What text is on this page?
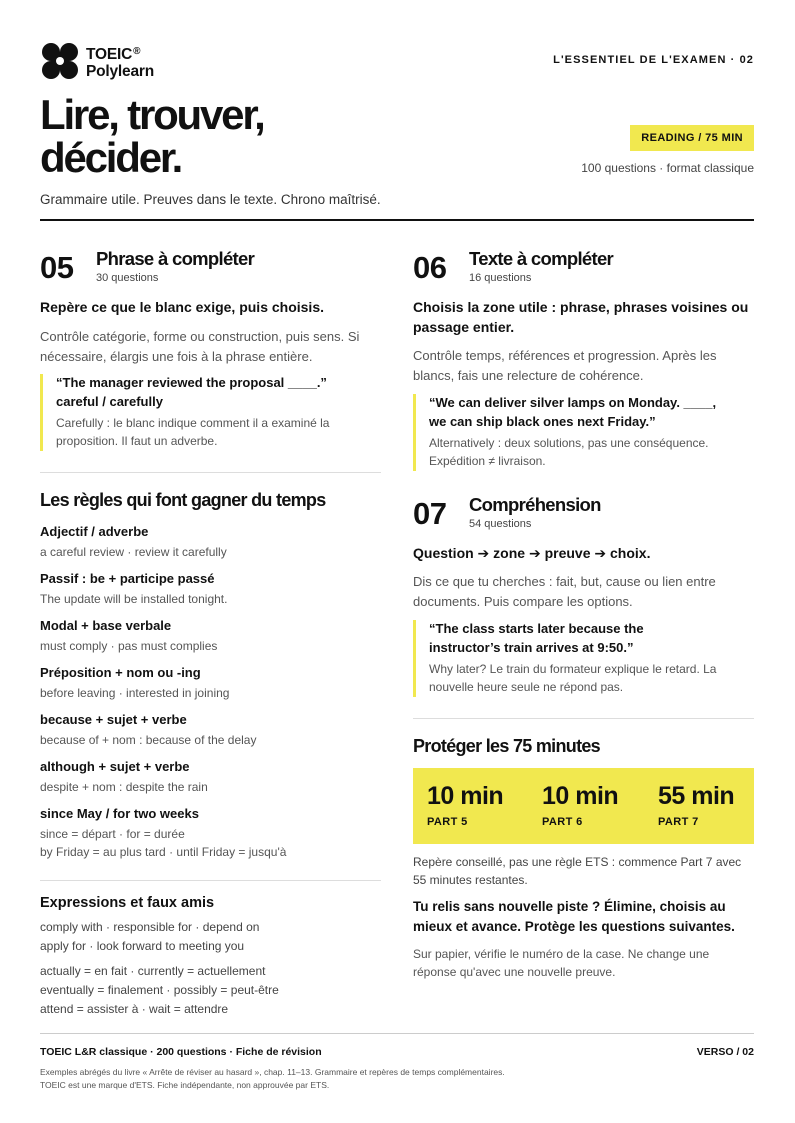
TOEIC®
Polylearn
L'ESSENTIEL DE L'EXAMEN · 02
Lire, trouver,
décider.	READING / 75 MIN
100 questions · format classique
Grammaire utile. Preuves dans le texte. Chrono maîtrisé.
05 Phrase à compléter
30 questions
Repère ce que le blanc exige, puis choisis.
Contrôle catégorie, forme ou construction, puis sens. Si nécessaire, élargis une fois à la phrase entière.
“The manager reviewed the proposal ____.” careful / carefully
Carefully : le blanc indique comment il a examiné la proposition. Il faut un adverbe.
Les règles qui font gagner du temps
Adjectif / adverbe
a careful review · review it carefully
Passif : be + participe passé
The update will be installed tonight.
Modal + base verbale
must comply · pas must complies
Préposition + nom ou -ing
before leaving · interested in joining
because + sujet + verbe
because of + nom : because of the delay
although + sujet + verbe
despite + nom : despite the rain
since May / for two weeks
since = départ · for = durée
by Friday = au plus tard · until Friday = jusqu'à
Expressions et faux amis
comply with · responsible for · depend on
apply for · look forward to meeting you
actually = en fait · currently = actuellement
eventually = finalement · possibly = peut-être
attend = assister à · wait = attendre
06 Texte à compléter
16 questions
Choisis la zone utile : phrase, phrases voisines ou passage entier.
Contrôle temps, références et progression. Après les blancs, fais une relecture de cohérence.
“We can deliver silver lamps on Monday. ____, we can ship black ones next Friday.”
Alternatively : deux solutions, pas une conséquence. Expédition ≠ livraison.
07 Compréhension
54 questions
Question ➔ zone ➔ preuve ➔ choix.
Dis ce que tu cherches : fait, but, cause ou lien entre documents. Puis compare les options.
“The class starts later because the instructor’s train arrives at 9:50.”
Why later? Le train du formateur explique le retard. La nouvelle heure seule ne répond pas.
Protéger les 75 minutes
10 min
PART 5
10 min
PART 6
55 min
PART 7
Repère conseillé, pas une règle ETS : commence Part 7 avec 55 minutes restantes.
Tu relis sans nouvelle piste ? Élimine, choisis au mieux et avance. Protège les questions suivantes.
Sur papier, vérifie le numéro de la case. Ne change une réponse qu'avec une nouvelle preuve.
TOEIC L&R classique · 200 questions · Fiche de révision	VERSO / 02
Exemples abrégés du livre « Arrête de réviser au hasard », chap. 11–13. Grammaire et repères de temps complémentaires.
TOEIC est une marque d'ETS. Fiche indépendante, non approuvée par ETS.
